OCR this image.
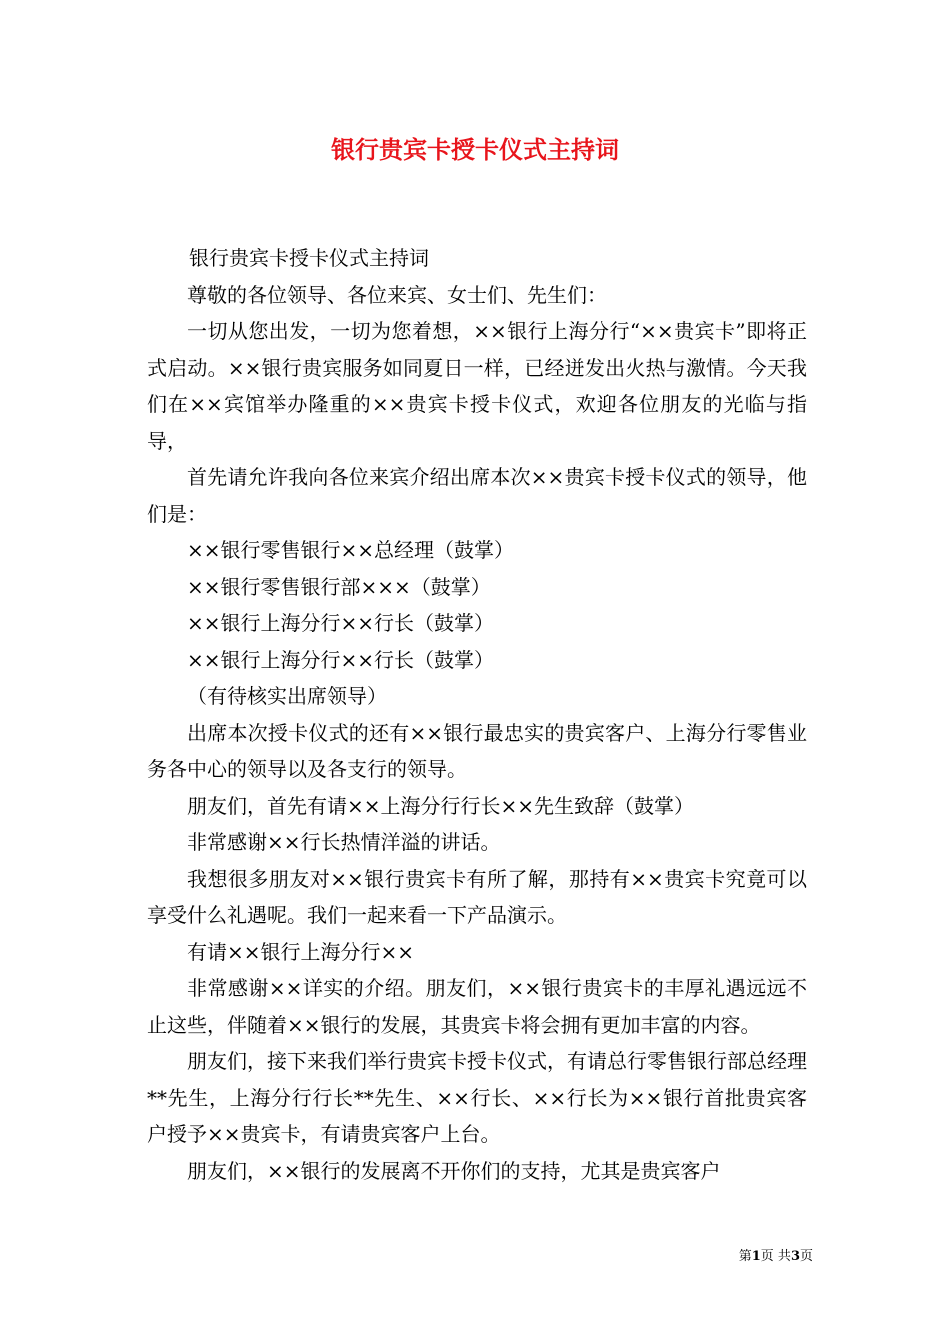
银行贵宾卡授卡仪式主持词

银行贵宾卡授卡仪式主持词

尊敬的各位领导、各位来宾、女士们、先生们：

一切从您出发，一切为您着想，××银行上海分行“××贵宾卡”即将正式启动。××银行贵宾服务如同夏日一样，已经迸发出火热与激情。今天我们在××宾馆举办隆重的××贵宾卡授卡仪式，欢迎各位朋友的光临与指导，

首先请允许我向各位来宾介绍出席本次××贵宾卡授卡仪式的领导，他们是：

××银行零售银行××总经理（鼓掌）

××银行零售银行部×××（鼓掌）

××银行上海分行××行长（鼓掌）

××银行上海分行××行长（鼓掌）

（有待核实出席领导）

出席本次授卡仪式的还有××银行最忠实的贵宾客户、上海分行零售业务各中心的领导以及各支行的领导。

朋友们，首先有请××上海分行行长××先生致辞（鼓掌）

非常感谢××行长热情洋溢的讲话。

我想很多朋友对××银行贵宾卡有所了解，那持有××贵宾卡究竟可以享受什么礼遇呢。我们一起来看一下产品演示。

有请××银行上海分行××

非常感谢××详实的介绍。朋友们，××银行贵宾卡的丰厚礼遇远远不止这些，伴随着××银行的发展，其贵宾卡将会拥有更加丰富的内容。

朋友们，接下来我们举行贵宾卡授卡仪式，有请总行零售银行部总经理**先生，上海分行行长**先生、××行长、××行长为××银行首批贵宾客户授予××贵宾卡，有请贵宾客户上台。

朋友们，××银行的发展离不开你们的支持，尤其是贵宾客户

第1页 共3页
